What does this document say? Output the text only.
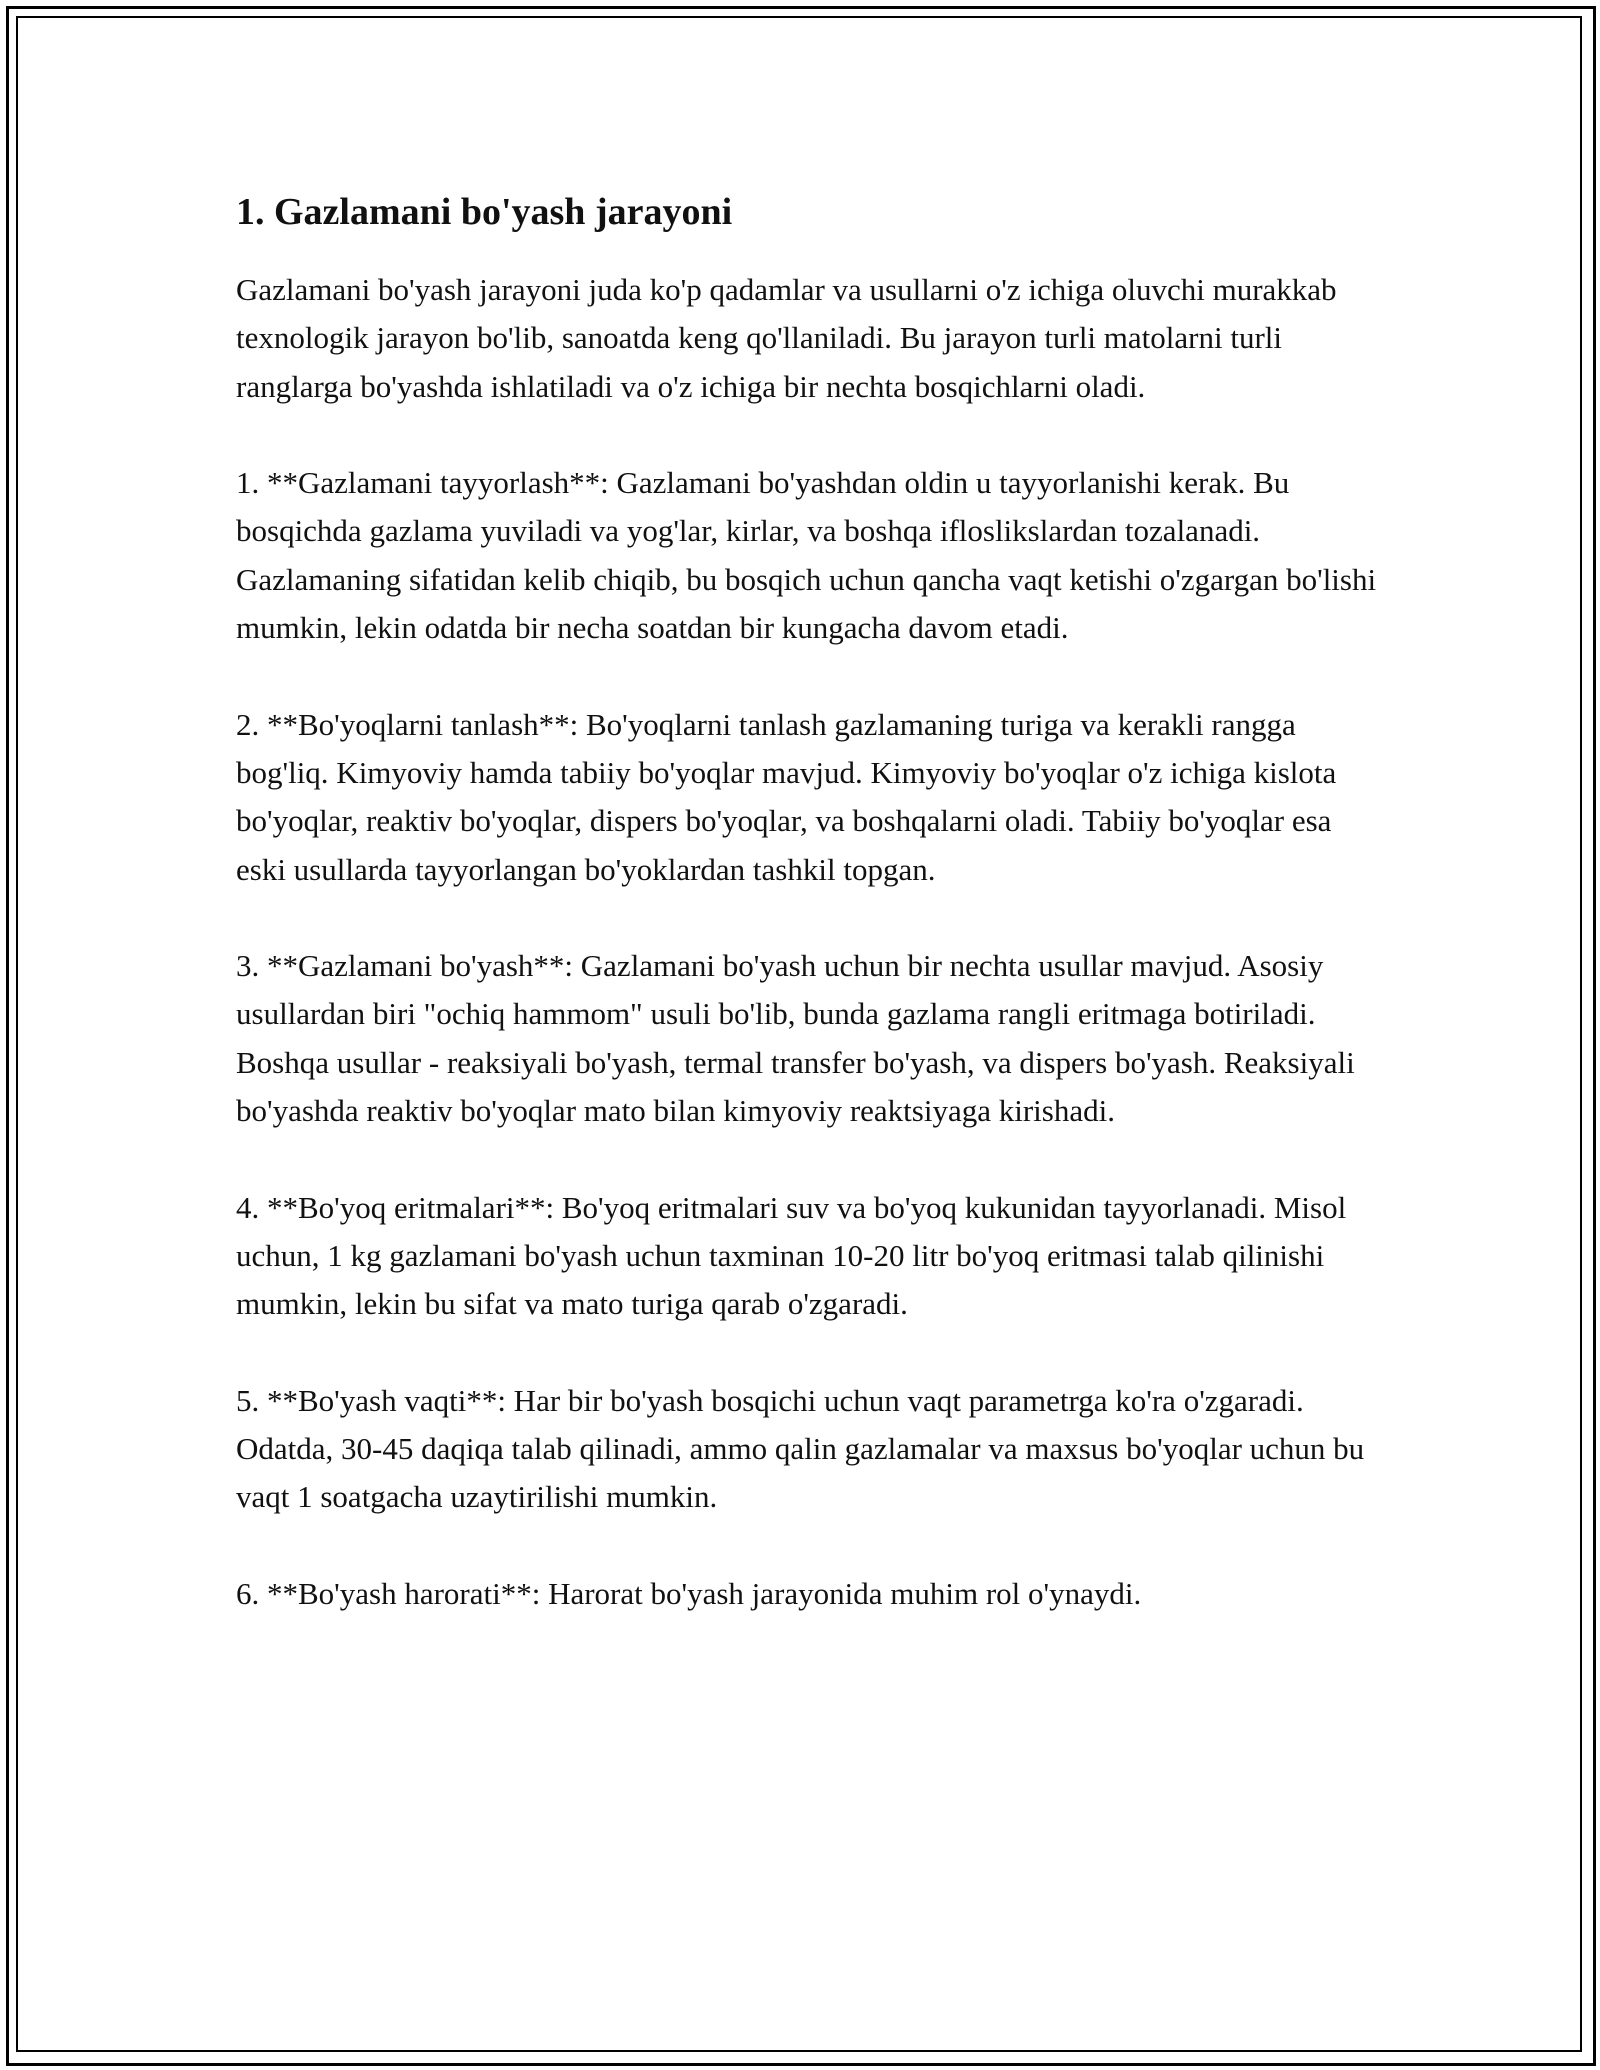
1. Gazlamani bo'yash jarayoni

Gazlamani bo'yash jarayoni juda ko'p qadamlar va usullarni o'z ichiga oluvchi murakkab texnologik jarayon bo'lib, sanoatda keng qo'llaniladi. Bu jarayon turli matolarni turli ranglarga bo'yashda ishlatiladi va o'z ichiga bir nechta bosqichlarni oladi.

1. **Gazlamani tayyorlash**: Gazlamani bo'yashdan oldin u tayyorlanishi kerak. Bu bosqichda gazlama yuviladi va yog'lar, kirlar, va boshqa ifloslikslardan tozalanadi. Gazlamaning sifatidan kelib chiqib, bu bosqich uchun qancha vaqt ketishi o'zgargan bo'lishi mumkin, lekin odatda bir necha soatdan bir kungacha davom etadi.

2. **Bo'yoqlarni tanlash**: Bo'yoqlarni tanlash gazlamaning turiga va kerakli rangga bog'liq. Kimyoviy hamda tabiiy bo'yoqlar mavjud. Kimyoviy bo'yoqlar o'z ichiga kislota bo'yoqlar, reaktiv bo'yoqlar, dispers bo'yoqlar, va boshqalarni oladi. Tabiiy bo'yoqlar esa eski usullarda tayyorlangan bo'yoklardan tashkil topgan.

3. **Gazlamani bo'yash**: Gazlamani bo'yash uchun bir nechta usullar mavjud. Asosiy usullardan biri "ochiq hammom" usuli bo'lib, bunda gazlama rangli eritmaga botiriladi. Boshqa usullar - reaksiyali bo'yash, termal transfer bo'yash, va dispers bo'yash. Reaksiyali bo'yashda reaktiv bo'yoqlar mato bilan kimyoviy reaktsiyaga kirishadi.

4. **Bo'yoq eritmalari**: Bo'yoq eritmalari suv va bo'yoq kukunidan tayyorlanadi. Misol uchun, 1 kg gazlamani bo'yash uchun taxminan 10-20 litr bo'yoq eritmasi talab qilinishi mumkin, lekin bu sifat va mato turiga qarab o'zgaradi.

5. **Bo'yash vaqti**: Har bir bo'yash bosqichi uchun vaqt parametrga ko'ra o'zgaradi. Odatda, 30-45 daqiqa talab qilinadi, ammo qalin gazlamalar va maxsus bo'yoqlar uchun bu vaqt 1 soatgacha uzaytirilishi mumkin.

6. **Bo'yash harorati**: Harorat bo'yash jarayonida muhim rol o'ynaydi.
